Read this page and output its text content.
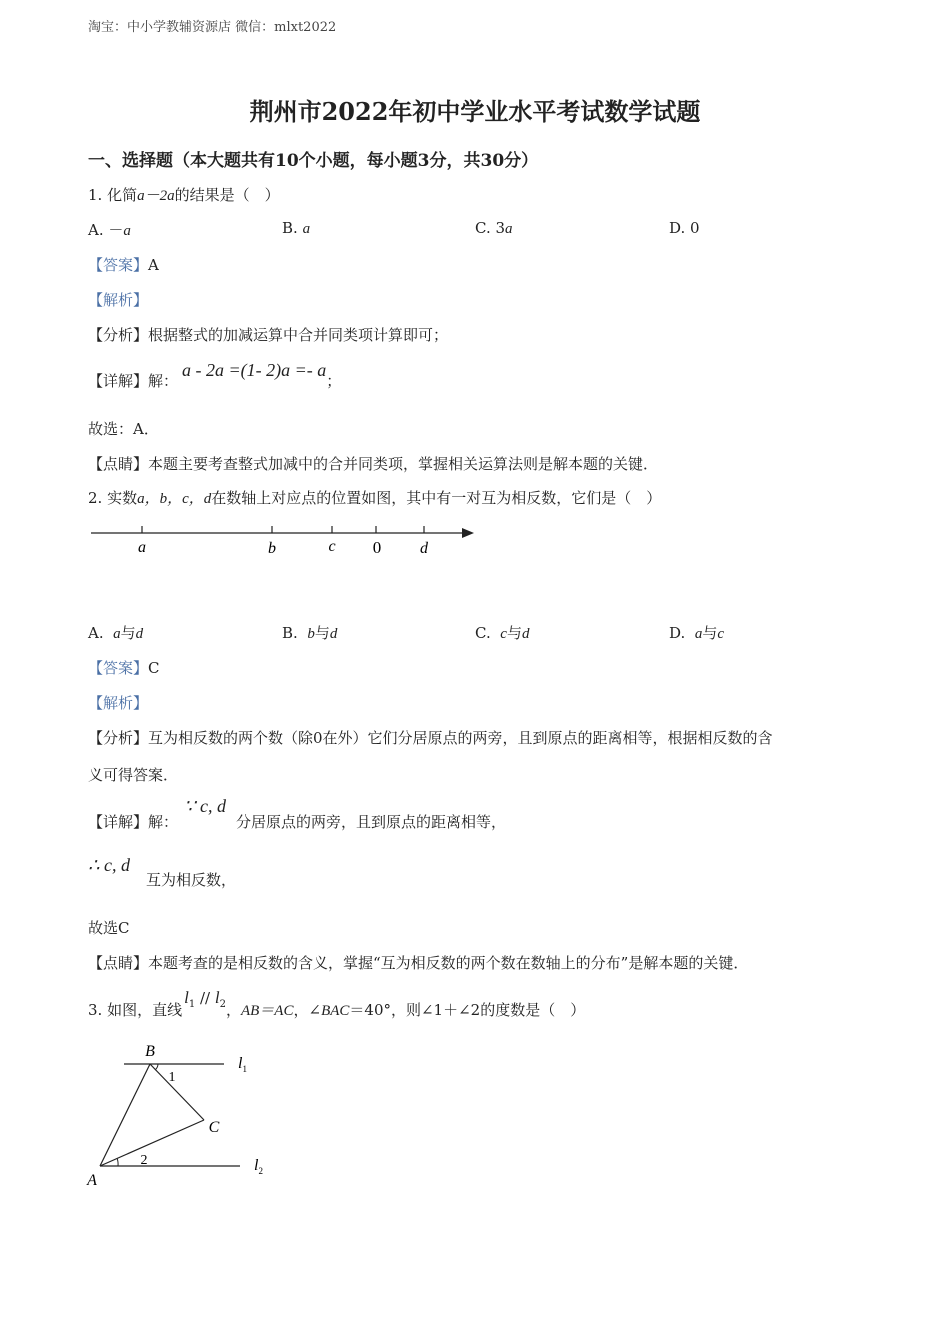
淘宝：中小学教辅资源店 微信：mlxt2022
荆州市2022年初中学业水平考试数学试题
一、选择题（本大题共有10个小题，每小题3分，共30分）
1. 化简a－2a的结果是（　）
A. －a	B. a	C. 3a	D. 0
【答案】A
【解析】
【分析】根据整式的加减运算中合并同类项计算即可；
【详解】解：a - 2a =(1- 2)a =- a；
故选：A．
【点睛】本题主要考查整式加减中的合并同类项，掌握相关运算法则是解本题的关键．
2. 实数a，b，c，d在数轴上对应点的位置如图，其中有一对互为相反数，它们是（　）
a	b	c 0 d
A. a与d	B. b与d	C. c与d	D. a与c
【答案】C
【解析】
【分析】互为相反数的两个数（除0在外）它们分居原点的两旁，且到原点的距离相等，根据相反数的含
义可得答案．
【详解】解：∵ c, d分居原点的两旁，且到原点的距离相等，
∴ c, d互为相反数，
故选C
【点睛】本题考查的是相反数的含义，掌握“互为相反数的两个数在数轴上的分布”是解本题的关键．
3. 如图，直线$l_1 // l_2$，AB＝AC，∠BAC＝40°，则∠1＋∠2的度数是（　）
B
C
A
1
2
$l_1$
$l_2$
